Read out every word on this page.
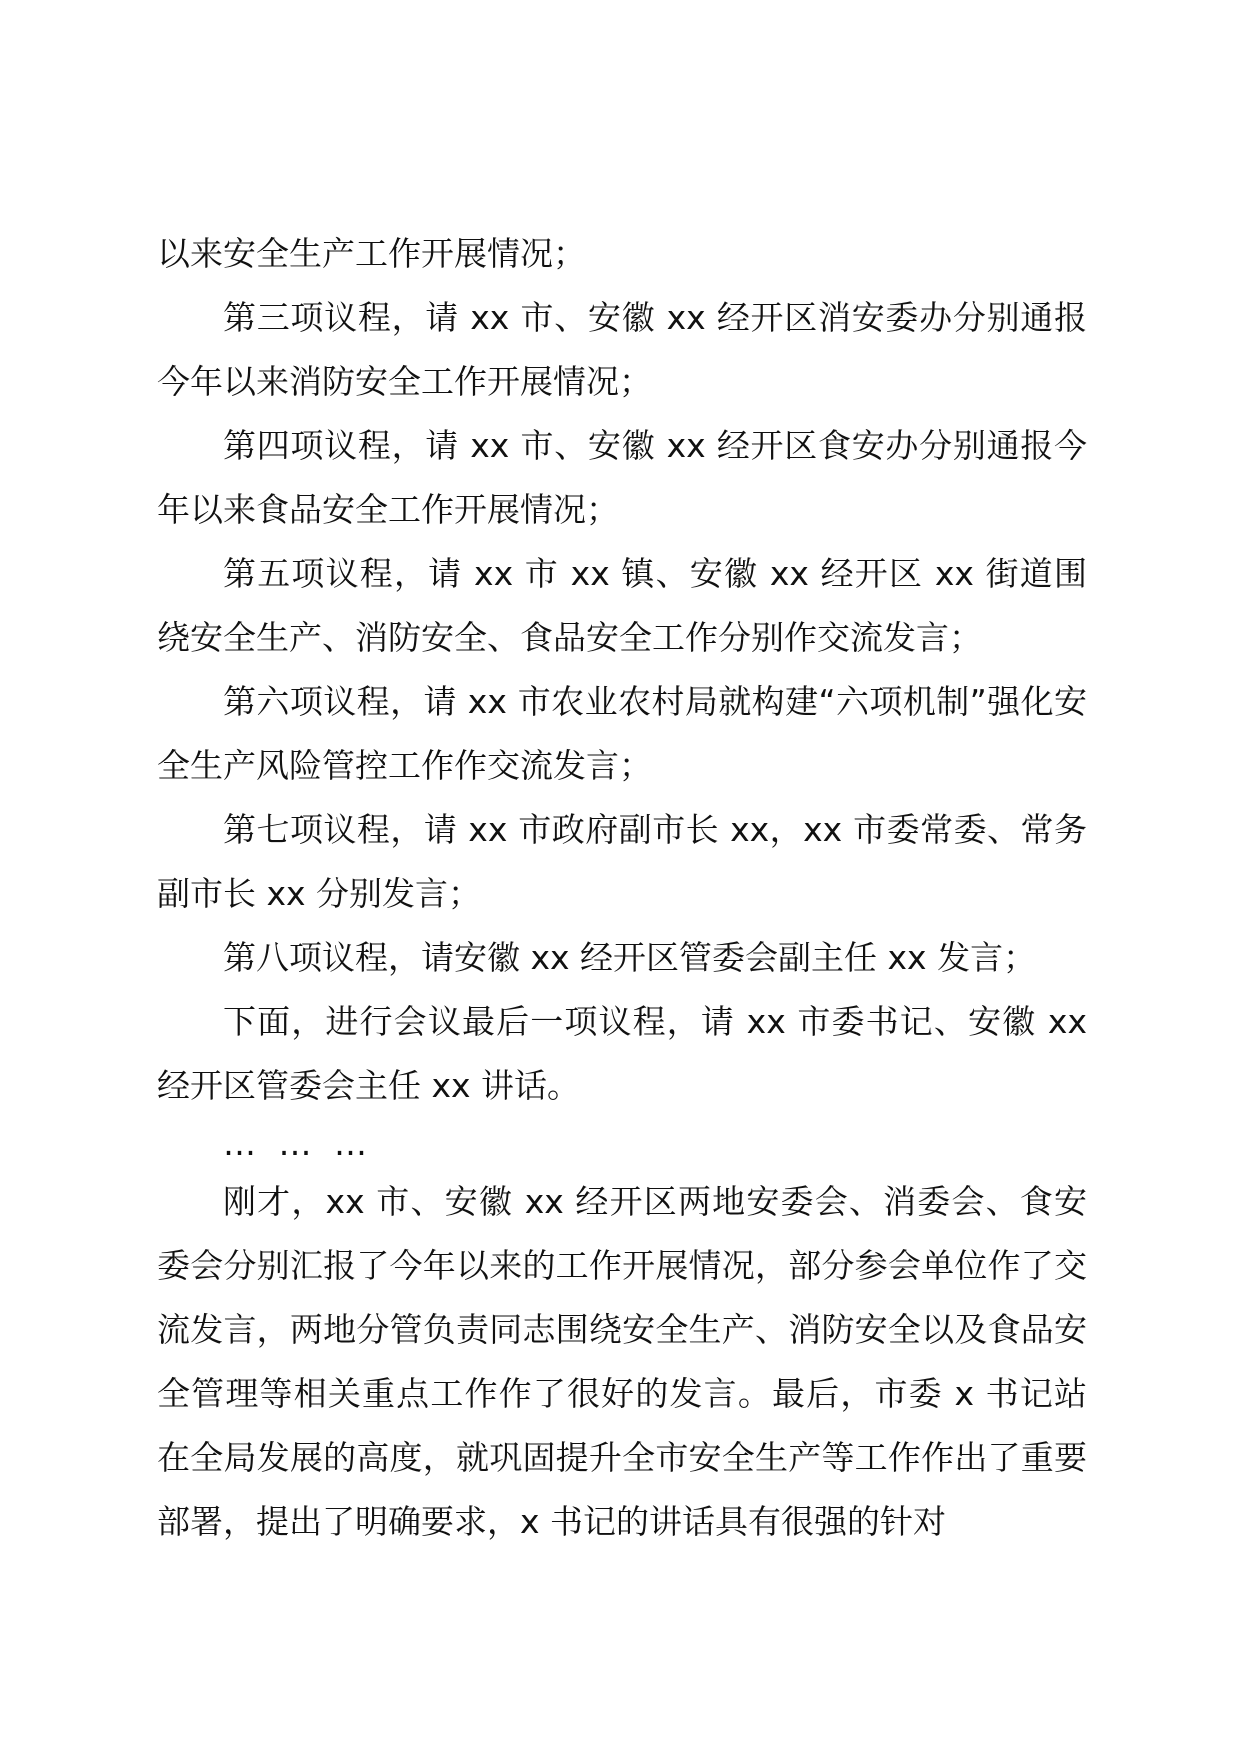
以来安全生产工作开展情况；

第三项议程，请 xx 市、安徽 xx 经开区消安委办分别通报今年以来消防安全工作开展情况；

第四项议程，请 xx 市、安徽 xx 经开区食安办分别通报今年以来食品安全工作开展情况；

第五项议程，请 xx 市 xx 镇、安徽 xx 经开区 xx 街道围绕安全生产、消防安全、食品安全工作分别作交流发言；

第六项议程，请 xx 市农业农村局就构建“六项机制”强化安全生产风险管控工作作交流发言；

第七项议程，请 xx 市政府副市长 xx，xx 市委常委、常务副市长 xx 分别发言；

第八项议程，请安徽 xx 经开区管委会副主任 xx 发言；

下面，进行会议最后一项议程，请 xx 市委书记、安徽 xx 经开区管委会主任 xx 讲话。

… … …

刚才，xx 市、安徽 xx 经开区两地安委会、消委会、食安委会分别汇报了今年以来的工作开展情况，部分参会单位作了交流发言，两地分管负责同志围绕安全生产、消防安全以及食品安全管理等相关重点工作作了很好的发言。最后，市委 x 书记站在全局发展的高度，就巩固提升全市安全生产等工作作出了重要部署，提出了明确要求，x 书记的讲话具有很强的针对
